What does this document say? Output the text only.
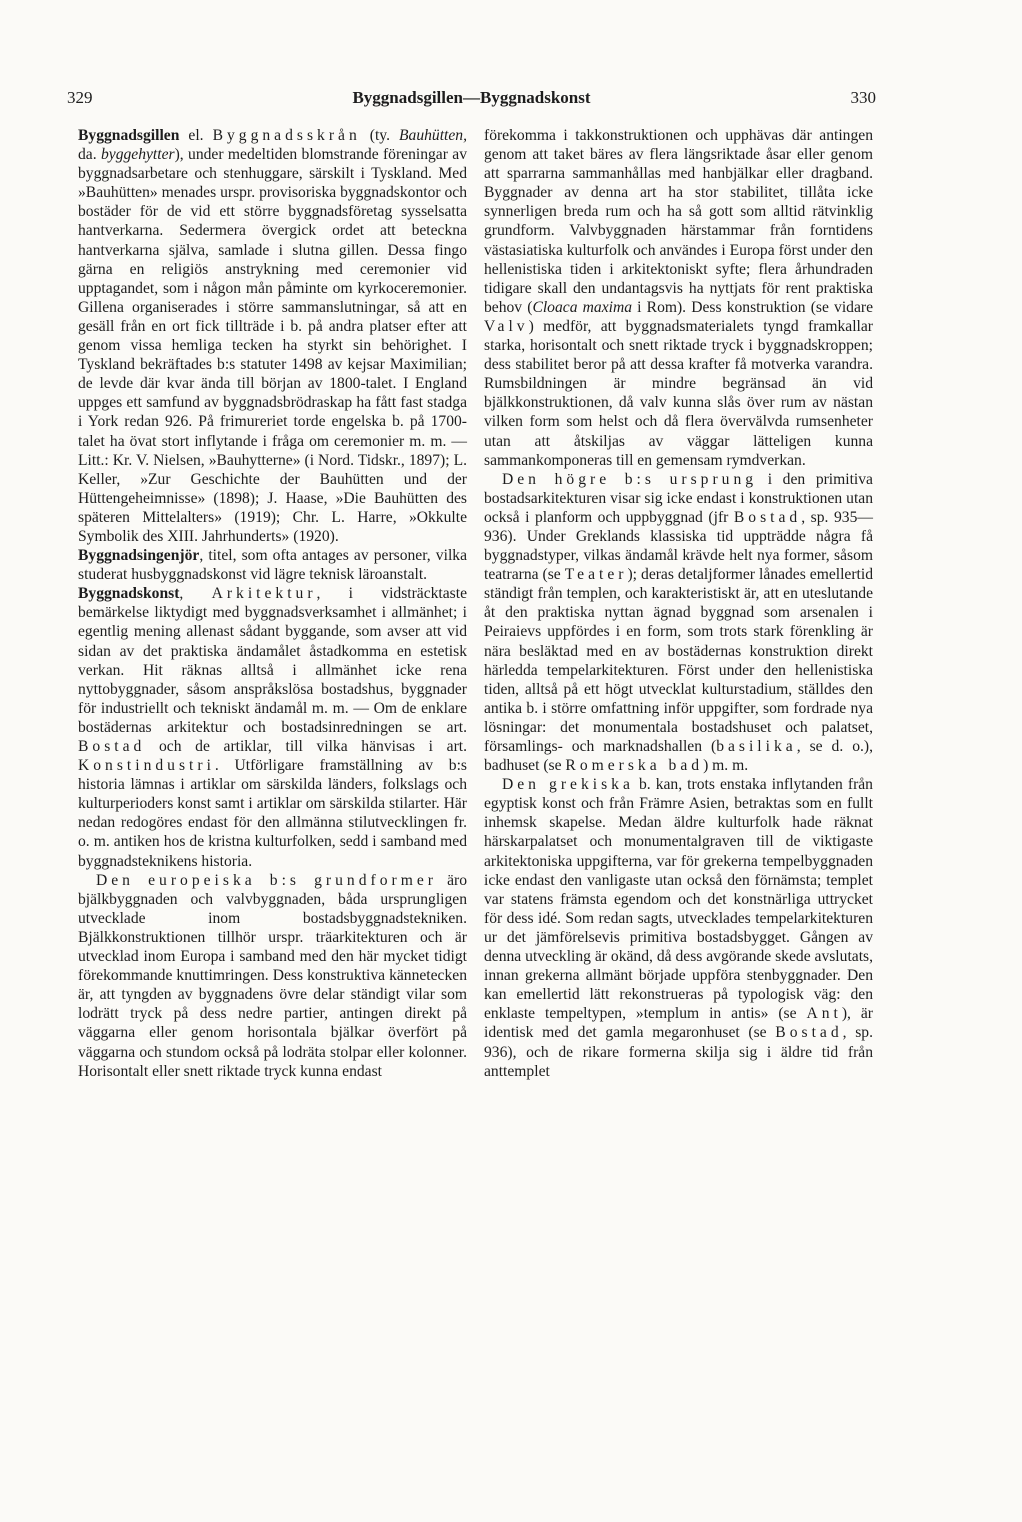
329	Byggnadsgillen—Byggnadskonst	330

Byggnadsgillen el. Byggnadsskrån (ty. Bauhütten, da. byggehytter), under medeltiden blomstrande föreningar av byggnadsarbetare och stenhuggare, särskilt i Tyskland. Med »Bauhütten» menades urspr. provisoriska byggnadskontor och bostäder för de vid ett större byggnadsföretag sysselsatta hantverkarna. Sedermera övergick ordet att beteckna hantverkarna själva, samlade i slutna gillen. Dessa fingo gärna en religiös anstrykning med ceremonier vid upptagandet, som i någon mån påminte om kyrkoceremonier. Gillena organiserades i större sammanslutningar, så att en gesäll från en ort fick tillträde i b. på andra platser efter att genom vissa hemliga tecken ha styrkt sin behörighet. I Tyskland bekräftades b:s statuter 1498 av kejsar Maximilian; de levde där kvar ända till början av 1800-talet. I England uppges ett samfund av byggnadsbrödraskap ha fått fast stadga i York redan 926. På frimureriet torde engelska b. på 1700-talet ha övat stort inflytande i fråga om ceremonier m. m. — Litt.: Kr. V. Nielsen, »Bauhytterne» (i Nord. Tidskr., 1897); L. Keller, »Zur Geschichte der Bauhütten und der Hüttengeheimnisse» (1898); J. Haase, »Die Bauhütten des späteren Mittelalters» (1919); Chr. L. Harre, »Okkulte Symbolik des XIII. Jahrhunderts» (1920).

Byggnadsingenjör, titel, som ofta antages av personer, vilka studerat husbyggnadskonst vid lägre teknisk läroanstalt.

Byggnadskonst, Arkitektur, i vidsträcktaste bemärkelse liktydigt med byggnadsverksamhet i allmänhet; i egentlig mening allenast sådant byggande, som avser att vid sidan av det praktiska ändamålet åstadkomma en estetisk verkan. Hit räknas alltså i allmänhet icke rena nyttobyggnader, såsom anspråkslösa bostadshus, byggnader för industriellt och tekniskt ändamål m. m. — Om de enklare bostädernas arkitektur och bostadsinredningen se art. Bostad och de artiklar, till vilka hänvisas i art. Konstindustri. Utförligare framställning av b:s historia lämnas i artiklar om särskilda länders, folkslags och kulturperioders konst samt i artiklar om särskilda stilarter. Här nedan redogöres endast för den allmänna stilutvecklingen fr. o. m. antiken hos de kristna kulturfolken, sedd i samband med byggnadsteknikens historia.

Den europeiska b:s grundformer äro bjälkbyggnaden och valvbyggnaden, båda ursprungligen utvecklade inom bostadsbyggnadstekniken. Bjälkkonstruktionen tillhör urspr. träarkitekturen och är utvecklad inom Europa i samband med den här mycket tidigt förekommande knuttimringen. Dess konstruktiva kännetecken är, att tyngden av byggnadens övre delar ständigt vilar som lodrätt tryck på dess nedre partier, antingen direkt på väggarna eller genom horisontala bjälkar överfört på väggarna och stundom också på lodräta stolpar eller kolonner. Horisontalt eller snett riktade tryck kunna endast

förekomma i takkonstruktionen och upphävas där antingen genom att taket bäres av flera längsriktade åsar eller genom att sparrarna sammanhållas med hanbjälkar eller dragband. Byggnader av denna art ha stor stabilitet, tillåta icke synnerligen breda rum och ha så gott som alltid rätvinklig grundform. Valvbyggnaden härstammar från forntidens västasiatiska kulturfolk och användes i Europa först under den hellenistiska tiden i arkitektoniskt syfte; flera århundraden tidigare skall den undantagsvis ha nyttjats för rent praktiska behov (Cloaca maxima i Rom). Dess konstruktion (se vidare Valv) medför, att byggnadsmaterialets tyngd framkallar starka, horisontalt och snett riktade tryck i byggnadskroppen; dess stabilitet beror på att dessa krafter få motverka varandra. Rumsbildningen är mindre begränsad än vid bjälkkonstruktionen, då valv kunna slås över rum av nästan vilken form som helst och då flera övervälvda rumsenheter utan att åtskiljas av väggar lätteligen kunna sammankomponeras till en gemensam rymdverkan.

Den högre b:s ursprung i den primitiva bostadsarkitekturen visar sig icke endast i konstruktionen utan också i planform och uppbyggnad (jfr Bostad, sp. 935—936). Under Greklands klassiska tid uppträdde några få byggnadstyper, vilkas ändamål krävde helt nya former, såsom teatrarna (se Teater); deras detaljformer lånades emellertid ständigt från templen, och karakteristiskt är, att en uteslutande åt den praktiska nyttan ägnad byggnad som arsenalen i Peiraievs uppfördes i en form, som trots stark förenkling är nära besläktad med en av bostädernas konstruktion direkt härledda tempelarkitekturen. Först under den hellenistiska tiden, alltså på ett högt utvecklat kulturstadium, ställdes den antika b. i större omfattning inför uppgifter, som fordrade nya lösningar: det monumentala bostadshuset och palatset, församlings- och marknadshallen (basilika, se d. o.), badhuset (se Romerska bad) m. m.

Den grekiska b. kan, trots enstaka inflytanden från egyptisk konst och från Främre Asien, betraktas som en fullt inhemsk skapelse. Medan äldre kulturfolk hade räknat härskarpalatset och monumentalgraven till de viktigaste arkitektoniska uppgifterna, var för grekerna tempelbyggnaden icke endast den vanligaste utan också den förnämsta; templet var statens främsta egendom och det konstnärliga uttrycket för dess idé. Som redan sagts, utvecklades tempelarkitekturen ur det jämförelsevis primitiva bostadsbygget. Gången av denna utveckling är okänd, då dess avgörande skede avslutats, innan grekerna allmänt började uppföra stenbyggnader. Den kan emellertid lätt rekonstrueras på typologisk väg: den enklaste tempeltypen, »templum in antis» (se Ant), är identisk med det gamla megaronhuset (se Bostad, sp. 936), och de rikare formerna skilja sig i äldre tid från anttemplet
